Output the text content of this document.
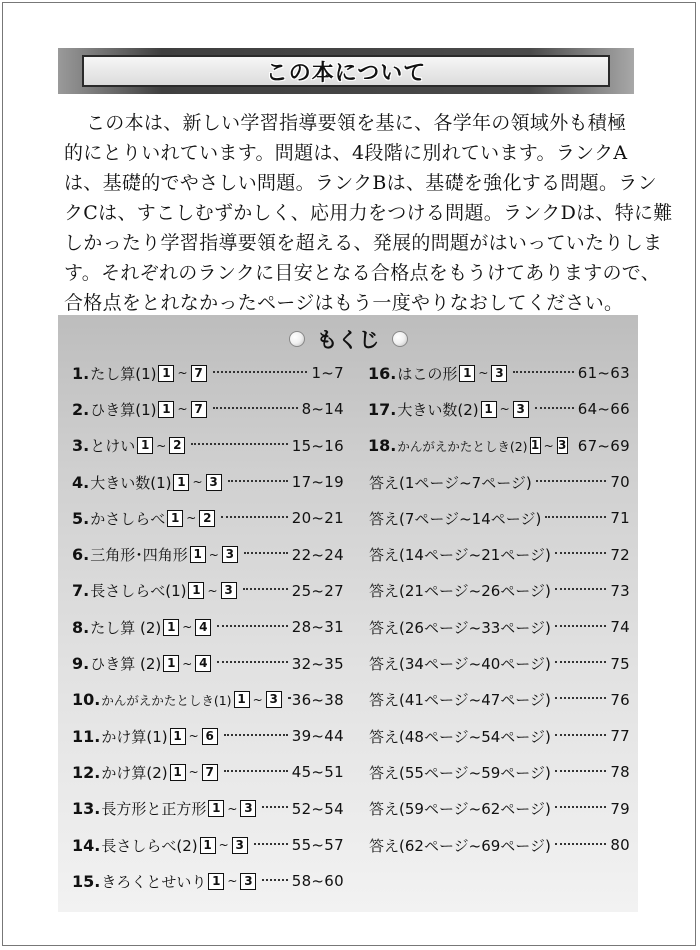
この本について
この本は、新しい学習指導要領を基に、各学年の領域外も積極
的にとりいれています。問題は、4段階に別れています。ランクA
は、基礎的でやさしい問題。ランクBは、基礎を強化する問題。ラン
クCは、すこしむずかしく、応用力をつける問題。ランクDは、特に難
しかったり学習指導要領を超える、発展的問題がはいっていたりしま
す。それぞれのランクに目安となる合格点をもうけてありますので、
合格点をとれなかったページはもう一度やりなおしてください。
もくじ
1. たし算(1) 1 ~ 7	1~7
2. ひき算(1) 1 ~ 7	8~14
3. とけい 1 ~ 2	15~16
4. 大きい数(1) 1 ~ 3	17~19
5. かさしらべ 1 ~ 2	20~21
6. 三角形･四角形 1 ~ 3	22~24
7. 長さしらべ(1) 1 ~ 3	25~27
8. たし算 (2) 1 ~ 4	28~31
9. ひき算 (2) 1 ~ 4	32~35
10. かんがえかたとしき(1) 1 ~ 3 36~38
11. かけ算(1) 1 ~ 6	39~44
12. かけ算(2) 1 ~ 7	45~51
13. 長方形と正方形 1 ~ 3	52~54
14. 長さしらべ(2) 1 ~ 3	55~57
15. きろくとせいり 1 ~ 3	58~60
16. はこの形 1 ~ 3	61~63
17. 大きい数(2) 1 ~ 3	64~66
18. かんがえかたとしき(2) 1 ~ 3 67~69
答え(1ページ~7ページ)	70
答え(7ページ~14ページ)	71
答え(14ページ~21ページ)	72
答え(21ページ~26ページ)	73
答え(26ページ~33ページ)	74
答え(34ページ~40ページ)	75
答え(41ページ~47ページ)	76
答え(48ページ~54ページ)	77
答え(55ページ~59ページ)	78
答え(59ページ~62ページ)	79
答え(62ページ~69ページ)	80
